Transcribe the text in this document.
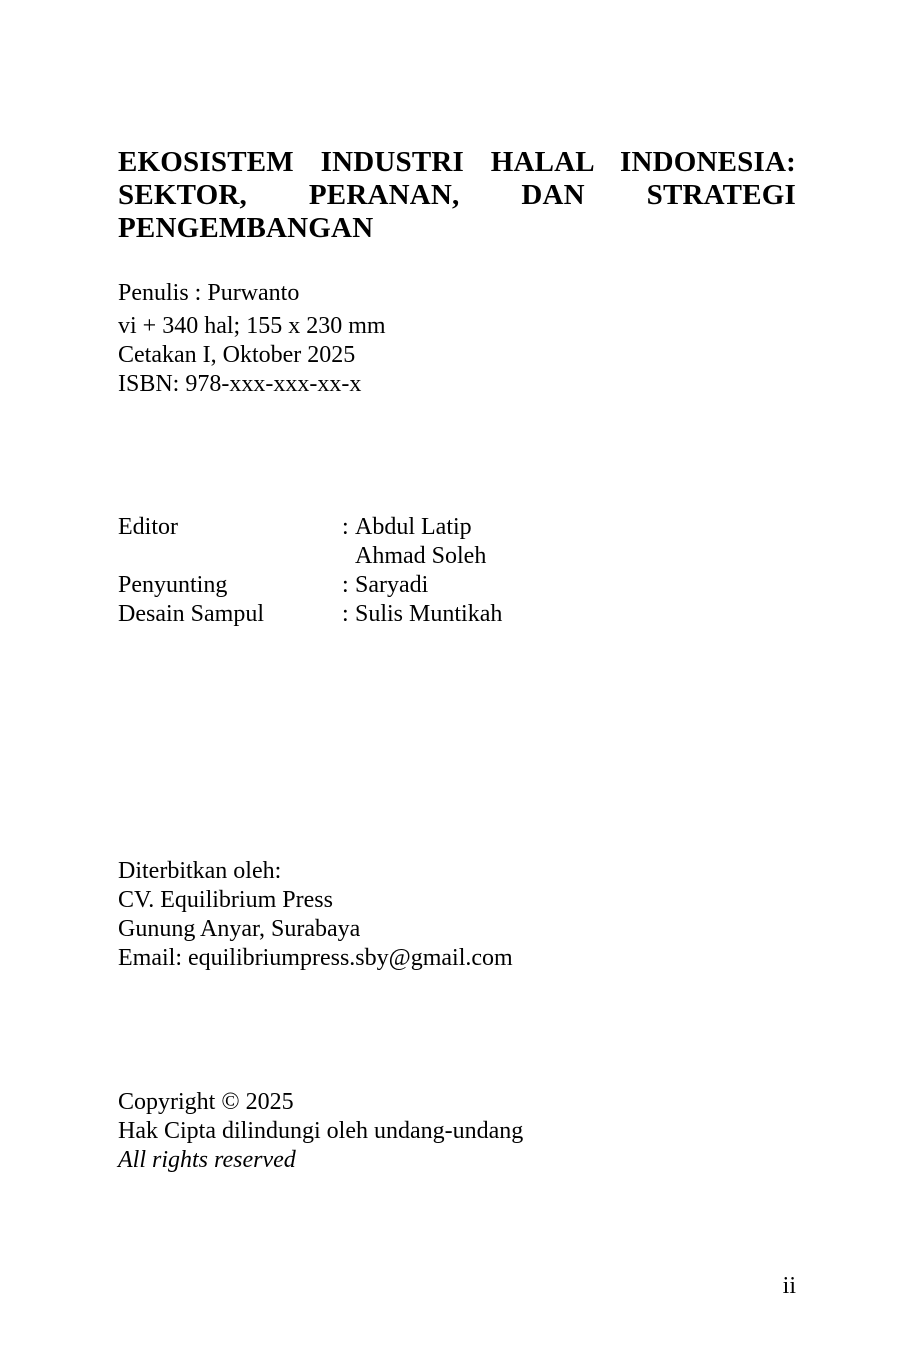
EKOSISTEM INDUSTRI HALAL INDONESIA: SEKTOR, PERANAN, DAN STRATEGI PENGEMBANGAN

Penulis : Purwanto

vi + 340 hal; 155 x 230 mm

Cetakan I, Oktober 2025

ISBN: 978-xxx-xxx-xx-x

Editor	: Abdul Latip
Ahmad Soleh
Penyunting	: Saryadi
Desain Sampul	: Sulis Muntikah

Diterbitkan oleh:

CV. Equilibrium Press

Gunung Anyar, Surabaya

Email: equilibriumpress.sby@gmail.com

Copyright © 2025

Hak Cipta dilindungi oleh undang-undang

All rights reserved

ii
